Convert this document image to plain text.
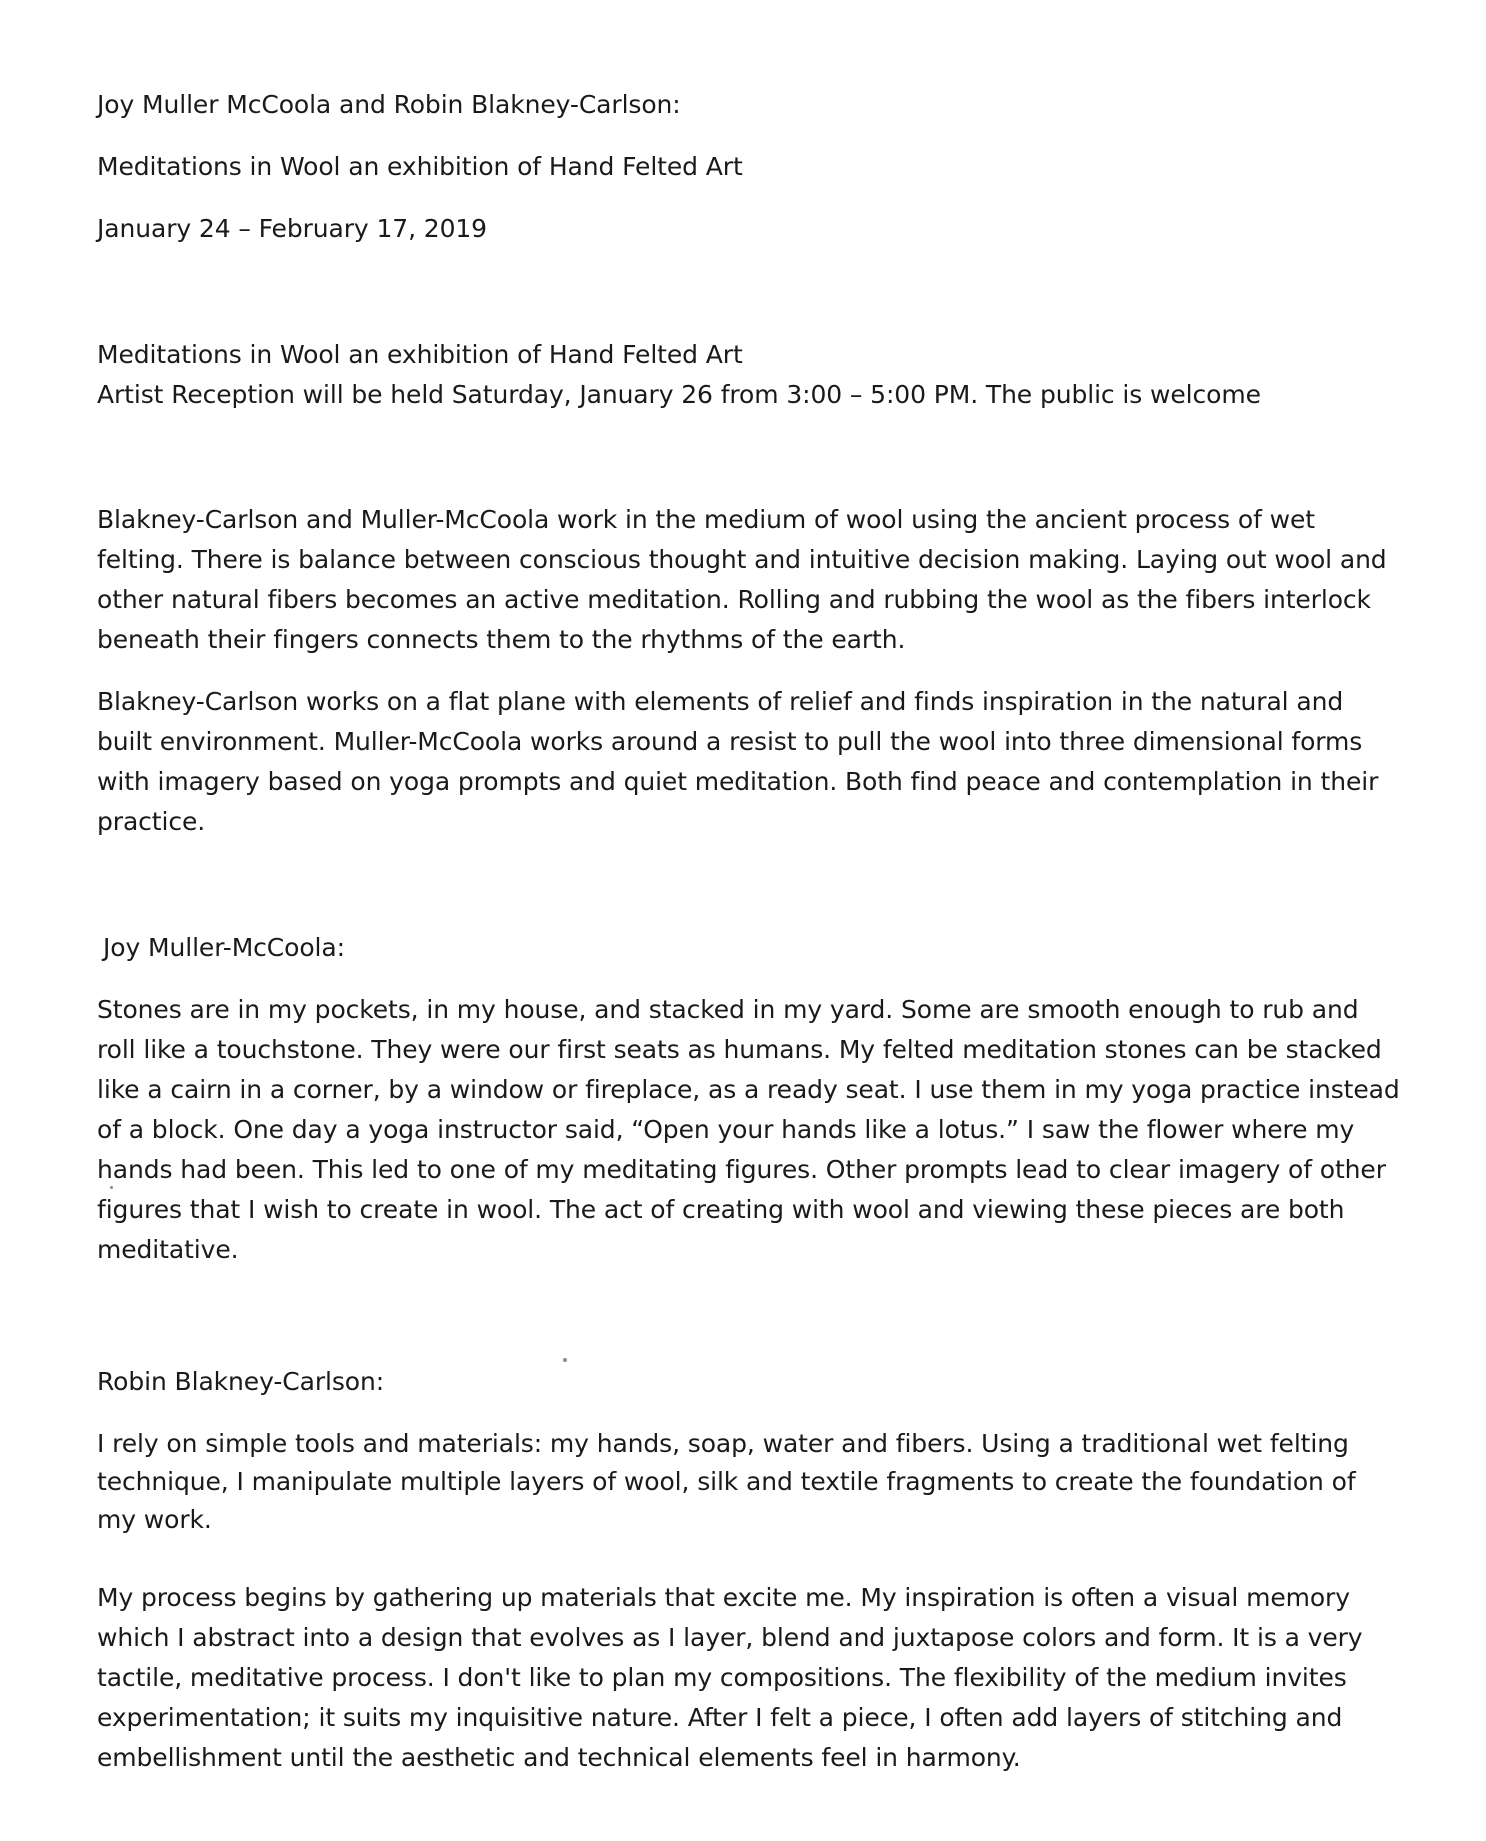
Joy Muller McCoola and Robin Blakney-Carlson:

Meditations in Wool an exhibition of Hand Felted Art

January 24 – February 17, 2019

Meditations in Wool an exhibition of Hand Felted Art

Artist Reception will be held Saturday, January 26 from 3:00 – 5:00 PM. The public is welcome

Blakney-Carlson and Muller-McCoola work in the medium of wool using the ancient process of wet

felting. There is balance between conscious thought and intuitive decision making. Laying out wool and

other natural fibers becomes an active meditation. Rolling and rubbing the wool as the fibers interlock

beneath their fingers connects them to the rhythms of the earth.

Blakney-Carlson works on a flat plane with elements of relief and finds inspiration in the natural and

built environment. Muller-McCoola works around a resist to pull the wool into three dimensional forms

with imagery based on yoga prompts and quiet meditation. Both find peace and contemplation in their

practice.

Joy Muller-McCoola:

Stones are in my pockets, in my house, and stacked in my yard. Some are smooth enough to rub and

roll like a touchstone. They were our first seats as humans. My felted meditation stones can be stacked

like a cairn in a corner, by a window or fireplace, as a ready seat. I use them in my yoga practice instead

of a block. One day a yoga instructor said, “Open your hands like a lotus.” I saw the flower where my

hands had been. This led to one of my meditating figures. Other prompts lead to clear imagery of other

figures that I wish to create in wool. The act of creating with wool and viewing these pieces are both

meditative.

Robin Blakney-Carlson:

I rely on simple tools and materials: my hands, soap, water and fibers. Using a traditional wet felting

technique, I manipulate multiple layers of wool, silk and textile fragments to create the foundation of

my work.

My process begins by gathering up materials that excite me. My inspiration is often a visual memory

which I abstract into a design that evolves as I layer, blend and juxtapose colors and form. It is a very

tactile, meditative process. I don't like to plan my compositions. The flexibility of the medium invites

experimentation; it suits my inquisitive nature. After I felt a piece, I often add layers of stitching and

embellishment until the aesthetic and technical elements feel in harmony.
